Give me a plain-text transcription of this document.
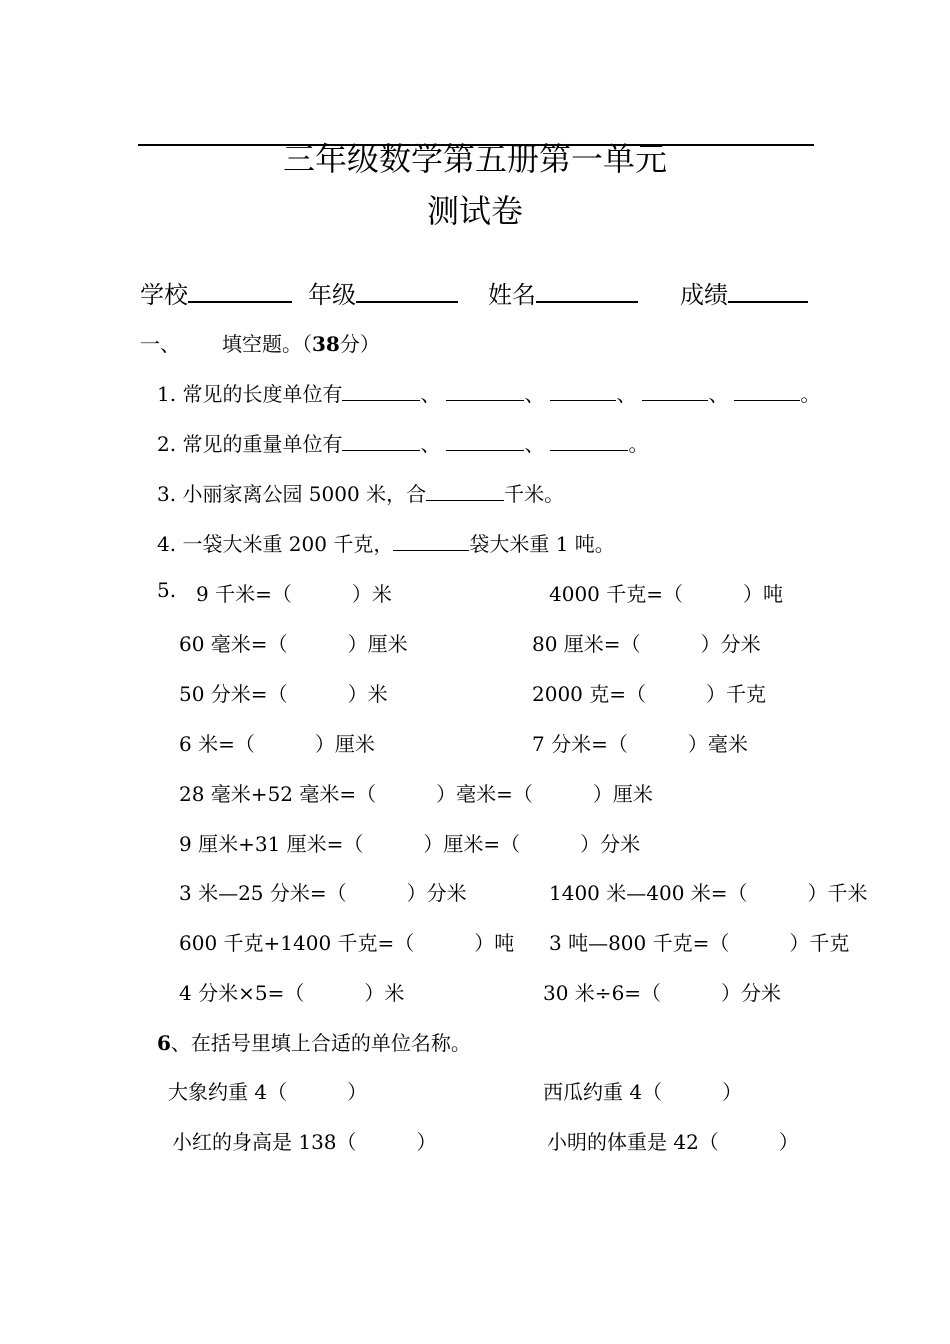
三年级数学第五册第一单元
测试卷
学校	年级	姓名	成绩
一、 填空题。（38分）
1. 常见的长度单位有	、	、	、	、	。
2. 常见的重量单位有	、	、	。
3. 小丽家离公园 5000 米，合	千米。
4. 一袋大米重 200 千克，	袋大米重 1 吨。
5. 9 千米=（　　　）米	4000 千克=（　　　）吨
60 毫米=（　　　）厘米	80 厘米=（　　　）分米
50 分米=（　　　）米	2000 克=（　　　）千克
6 米=（　　　）厘米	7 分米=（　　　）毫米
28 毫米+52 毫米=（　　　）毫米=（　　　）厘米
9 厘米+31 厘米=（　　　）厘米=（　　　）分米
3 米—25 分米=（　　　）分米	1400 米—400 米=（　　　）千米
600 千克+1400 千克=（　　　）吨 3 吨—800 千克=（　　　）千克
4 分米×5=（　　　）米	30 米÷6=（　　　）分米
6、在括号里填上合适的单位名称。
大象约重 4（　　　）	西瓜约重 4（　　　）
小红的身高是 138（　　　）	小明的体重是 42（　　　）
